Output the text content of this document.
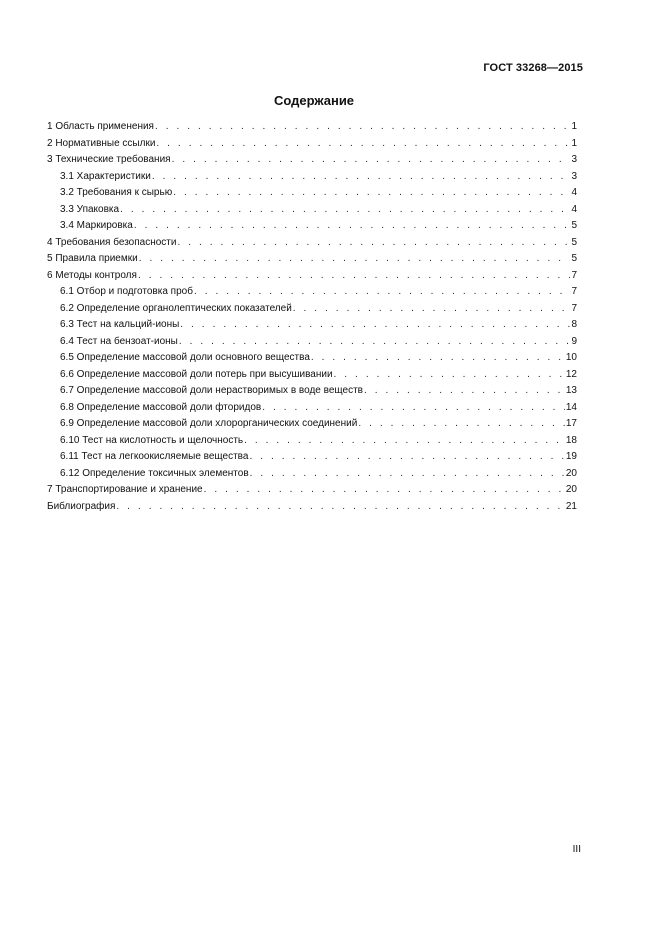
ГОСТ 33268—2015
Содержание
1 Область применения . . .	1
2 Нормативные ссылки . . .	1
3 Технические требования . . .	3
3.1 Характеристики . . .	3
3.2 Требования к сырью . . .	4
3.3 Упаковка . . .	4
3.4 Маркировка . . .	5
4 Требования безопасности . . .	5
5 Правила приемки . . .	5
6 Методы контроля . . .	7
6.1 Отбор и подготовка проб . . .	7
6.2 Определение органолептических показателей . . .	7
6.3 Тест на кальций-ионы . . .	8
6.4 Тест на бензоат-ионы . . .	9
6.5 Определение массовой доли основного вещества . . .	10
6.6 Определение массовой доли потерь при высушивании . . .	12
6.7 Определение массовой доли нерастворимых в воде веществ . . .	13
6.8 Определение массовой доли фторидов . . .	14
6.9 Определение массовой доли хлорорганических соединений . . .	17
6.10 Тест на кислотность и щелочность . . .	18
6.11 Тест на легкоокисляемые вещества . . .	19
6.12 Определение токсичных элементов . . .	20
7 Транспортирование и хранение . . .	20
Библиография . . .	21
III
